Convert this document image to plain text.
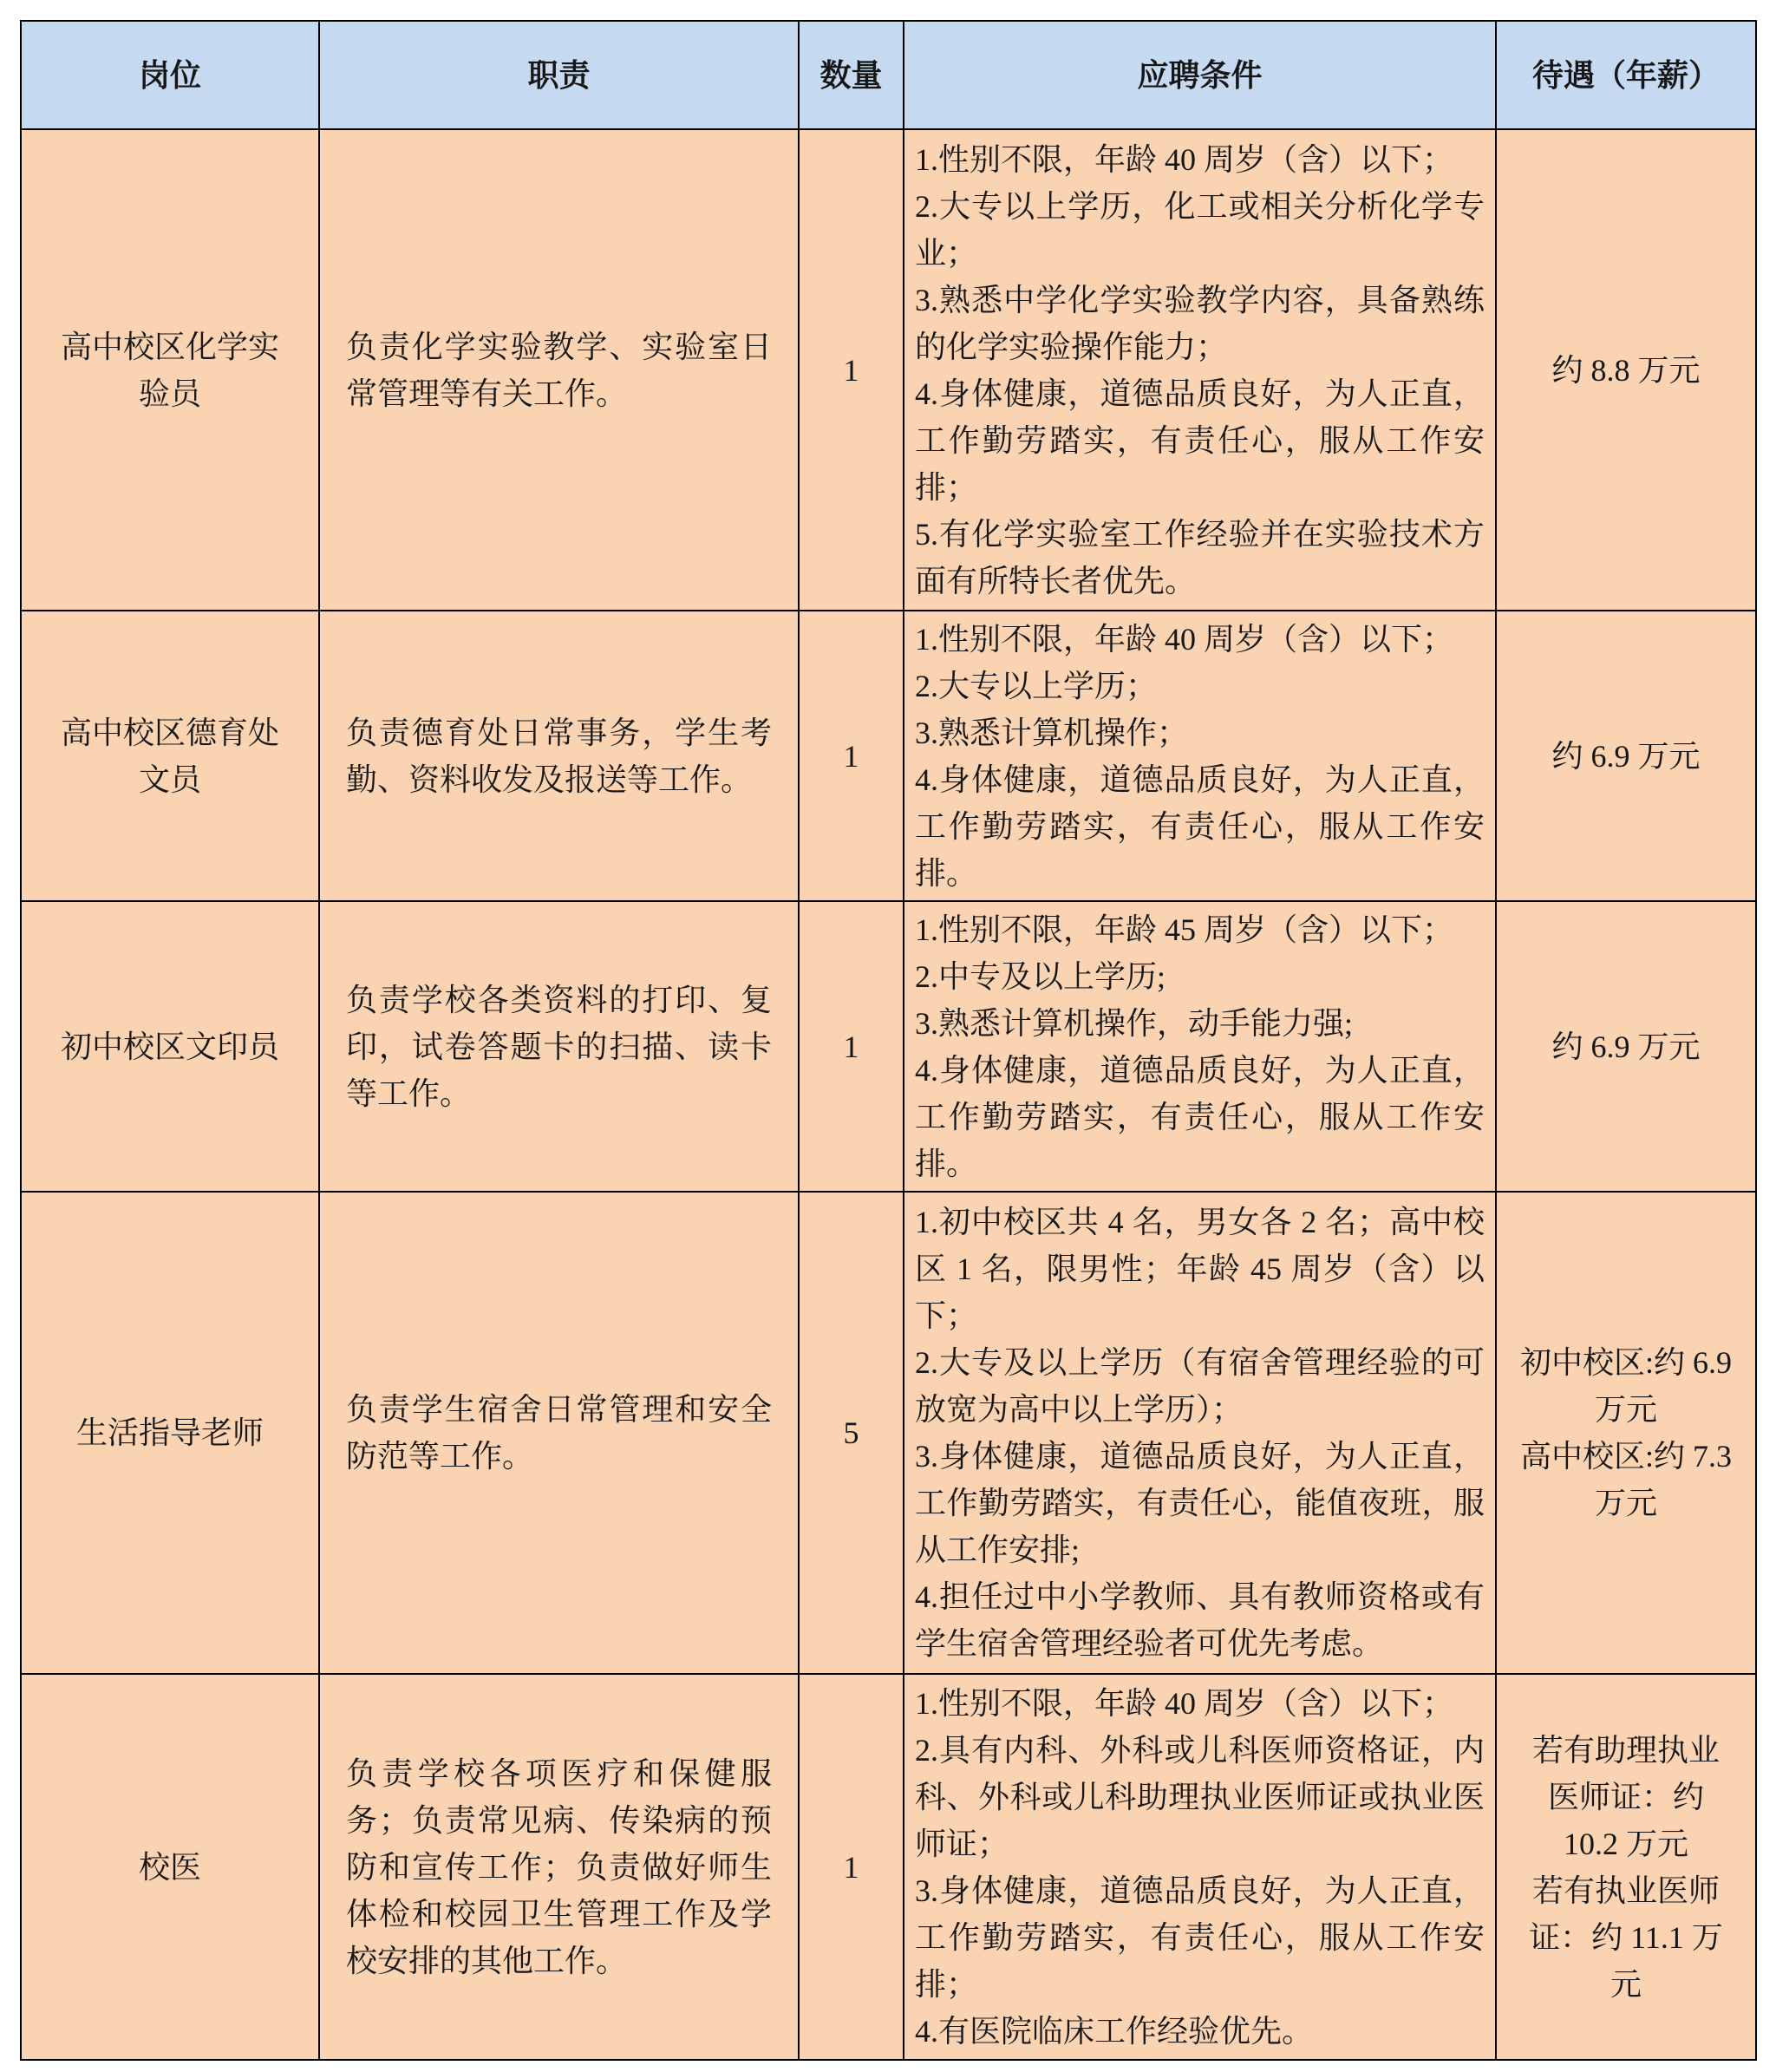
岗位	职责	数量	应聘条件	待遇（年薪）

高中校区化学实验员	负责化学实验教学、实验室日常管理等有关工作。	1	1.性别不限，年龄 40 周岁（含）以下；
2.大专以上学历，化工或相关分析化学专业；
3.熟悉中学化学实验教学内容，具备熟练的化学实验操作能力；
4.身体健康，道德品质良好，为人正直，工作勤劳踏实，有责任心，服从工作安排；
5.有化学实验室工作经验并在实验技术方面有所特长者优先。	约 8.8 万元

高中校区德育处文员	负责德育处日常事务，学生考勤、资料收发及报送等工作。	1	1.性别不限，年龄 40 周岁（含）以下；
2.大专以上学历；
3.熟悉计算机操作；
4.身体健康，道德品质良好，为人正直，工作勤劳踏实，有责任心，服从工作安排。	约 6.9 万元

初中校区文印员	负责学校各类资料的打印、复印，试卷答题卡的扫描、读卡等工作。	1	1.性别不限，年龄 45 周岁（含）以下；
2.中专及以上学历;
3.熟悉计算机操作，动手能力强;
4.身体健康，道德品质良好，为人正直，工作勤劳踏实，有责任心，服从工作安排。	约 6.9 万元

生活指导老师	负责学生宿舍日常管理和安全防范等工作。	5	1.初中校区共 4 名，男女各 2 名；高中校区 1 名，限男性；年龄 45 周岁（含）以下；
2.大专及以上学历（有宿舍管理经验的可放宽为高中以上学历）；
3.身体健康，道德品质良好，为人正直，工作勤劳踏实，有责任心，能值夜班，服从工作安排;
4.担任过中小学教师、具有教师资格或有学生宿舍管理经验者可优先考虑。	初中校区:约 6.9 万元
高中校区:约 7.3 万元

校医	负责学校各项医疗和保健服务；负责常见病、传染病的预防和宣传工作；负责做好师生体检和校园卫生管理工作及学校安排的其他工作。	1	1.性别不限，年龄 40 周岁（含）以下；
2.具有内科、外科或儿科医师资格证，内科、外科或儿科助理执业医师证或执业医师证；
3.身体健康，道德品质良好，为人正直，工作勤劳踏实，有责任心，服从工作安排；
4.有医院临床工作经验优先。	若有助理执业医师证：约 10.2 万元
若有执业医师证：约 11.1 万元
